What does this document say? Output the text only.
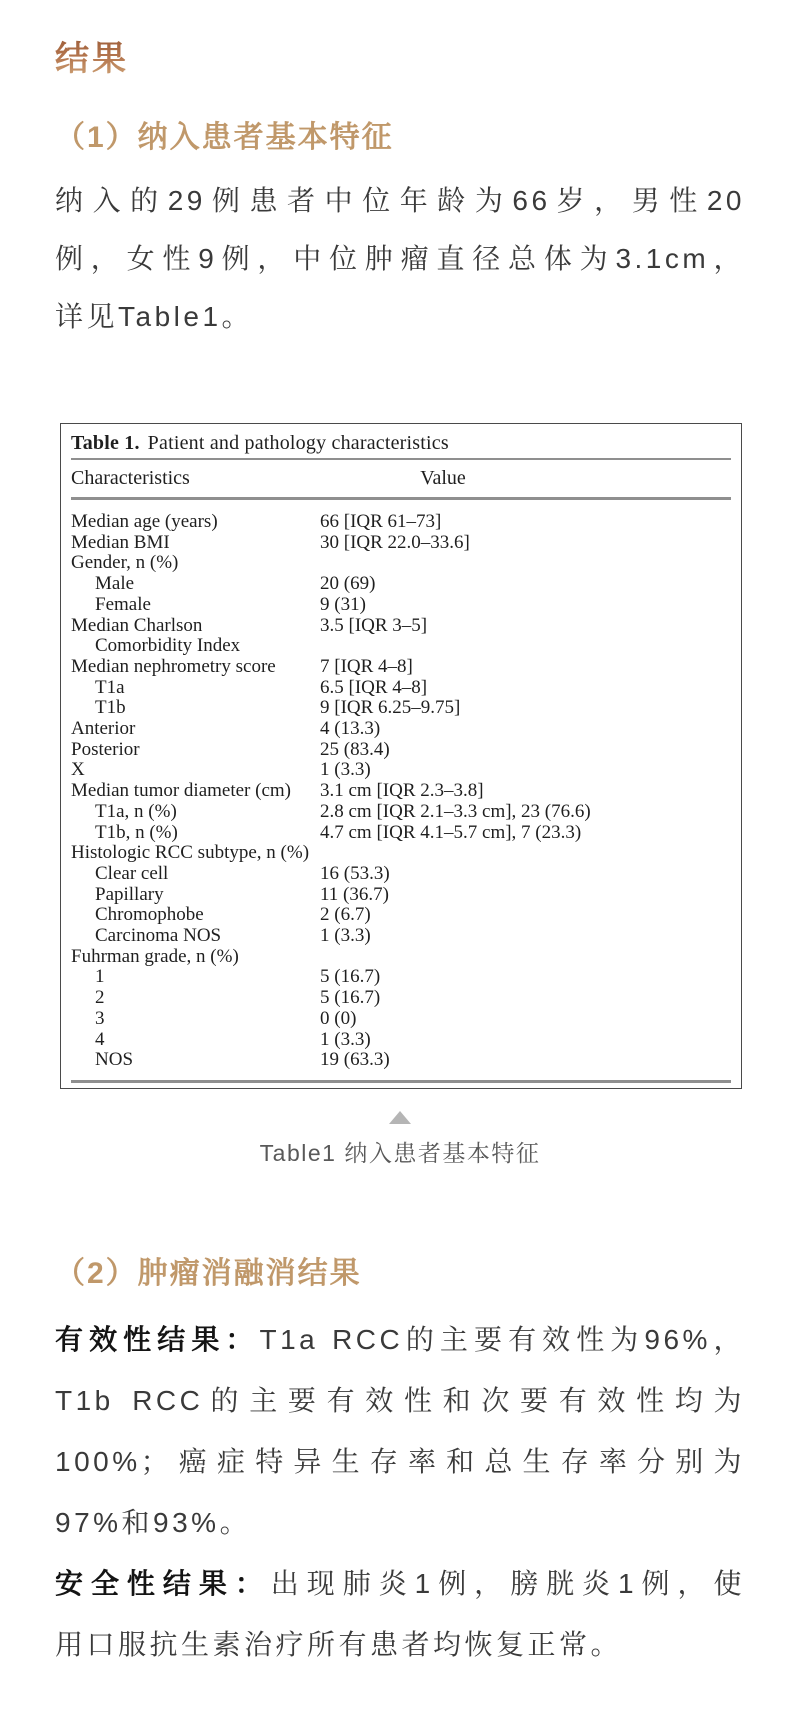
结果
（1）纳入患者基本特征
纳入的29例患者中位年龄为66岁，男性20
例，女性9例，中位肿瘤直径总体为3.1cm，
详见Table1。
Table 1. Patient and pathology characteristics
Characteristics	Value
Median age (years)	66 [IQR 61–73]
Median BMI	30 [IQR 22.0–33.6]
Gender, n (%)
Male	20 (69)
Female	9 (31)
Median Charlson	3.5 [IQR 3–5]
Comorbidity Index
Median nephrometry score	7 [IQR 4–8]
T1a	6.5 [IQR 4–8]
T1b	9 [IQR 6.25–9.75]
Anterior	4 (13.3)
Posterior	25 (83.4)
X	1 (3.3)
Median tumor diameter (cm)	3.1 cm [IQR 2.3–3.8]
T1a, n (%)	2.8 cm [IQR 2.1–3.3 cm], 23 (76.6)
T1b, n (%)	4.7 cm [IQR 4.1–5.7 cm], 7 (23.3)
Histologic RCC subtype, n (%)
Clear cell	16 (53.3)
Papillary	11 (36.7)
Chromophobe	2 (6.7)
Carcinoma NOS	1 (3.3)
Fuhrman grade, n (%)
1	5 (16.7)
2	5 (16.7)
3	0 (0)
4	1 (3.3)
NOS	19 (63.3)
Table1 纳入患者基本特征
（2）肿瘤消融消结果
有效性结果：T1a RCC的主要有效性为96%，
T1b RCC的主要有效性和次要有效性均为
100%；癌症特异生存率和总生存率分别为
97%和93%。
安全性结果：出现肺炎1例，膀胱炎1例，使
用口服抗生素治疗所有患者均恢复正常。
